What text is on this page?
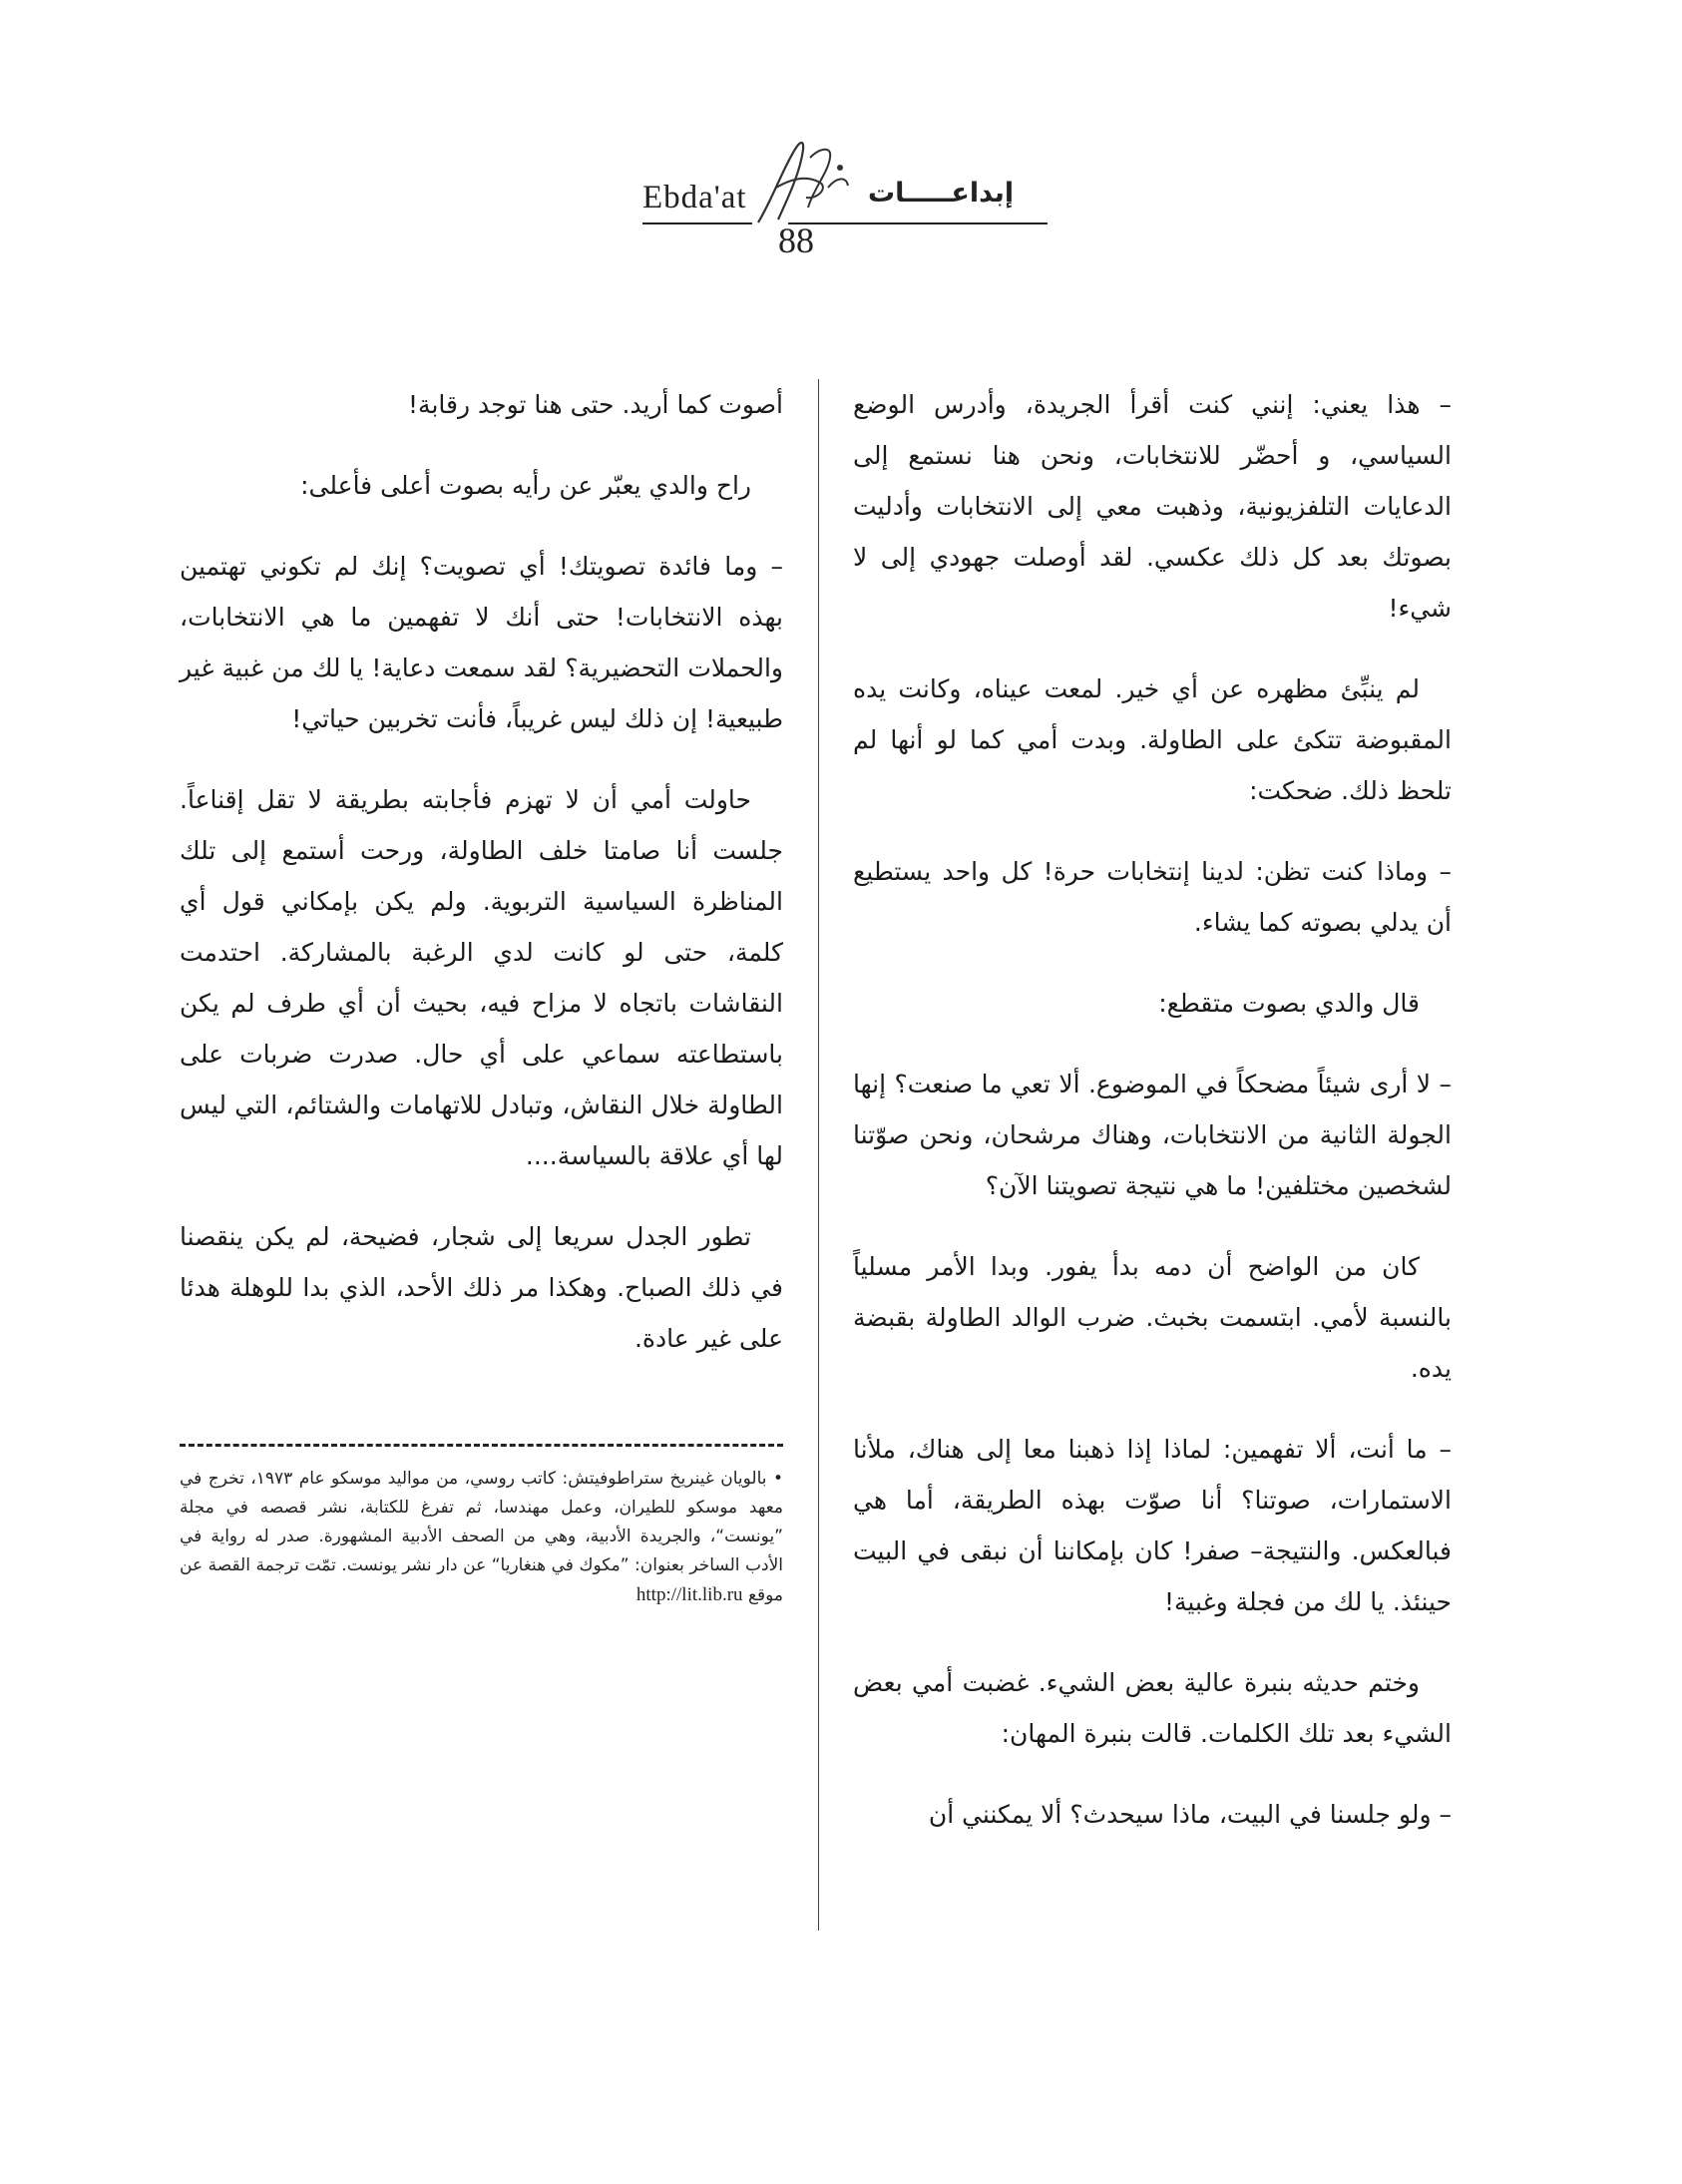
Ebda'at	إبداعـــــات
88

– هذا يعني: إنني كنت أقرأ الجريدة، وأدرس الوضع السياسي، و أحضّر للانتخابات، ونحن هنا نستمع إلى الدعايات التلفزيونية، وذهبت معي إلى الانتخابات وأدليت بصوتك بعد كل ذلك عكسي. لقد أوصلت جهودي إلى لا شيء!

لم ينبِّئ مظهره عن أي خير. لمعت عيناه، وكانت يده المقبوضة تتكئ على الطاولة. وبدت أمي كما لو أنها لم تلحظ ذلك. ضحكت:

– وماذا كنت تظن: لدينا إنتخابات حرة! كل واحد يستطيع أن يدلي بصوته كما يشاء.

قال والدي بصوت متقطع:

– لا أرى شيئاً مضحكاً في الموضوع. ألا تعي ما صنعت؟ إنها الجولة الثانية من الانتخابات، وهناك مرشحان، ونحن صوّتنا لشخصين مختلفين! ما هي نتيجة تصويتنا الآن؟

كان من الواضح أن دمه بدأ يفور. وبدا الأمر مسلياً بالنسبة لأمي. ابتسمت بخبث. ضرب الوالد الطاولة بقبضة يده.

– ما أنت، ألا تفهمين: لماذا إذا ذهبنا معا إلى هناك، ملأنا الاستمارات، صوتنا؟ أنا صوّت بهذه الطريقة، أما هي فبالعكس. والنتيجة– صفر! كان بإمكاننا أن نبقى في البيت حينئذ. يا لك من فجلة وغبية!

وختم حديثه بنبرة عالية بعض الشيء. غضبت أمي بعض الشيء بعد تلك الكلمات. قالت بنبرة المهان:

– ولو جلسنا في البيت، ماذا سيحدث؟ ألا يمكنني أن

أصوت كما أريد. حتى هنا توجد رقابة!

راح والدي يعبّر عن رأيه بصوت أعلى فأعلى:

– وما فائدة تصويتك! أي تصويت؟ إنك لم تكوني تهتمين بهذه الانتخابات! حتى أنك لا تفهمين ما هي الانتخابات، والحملات التحضيرية؟ لقد سمعت دعاية! يا لك من غبية غير طبيعية! إن ذلك ليس غريباً، فأنت تخربين حياتي!

حاولت أمي أن لا تهزم فأجابته بطريقة لا تقل إقناعاً. جلست أنا صامتا خلف الطاولة، ورحت أستمع إلى تلك المناظرة السياسية التربوية. ولم يكن بإمكاني قول أي كلمة، حتى لو كانت لدي الرغبة بالمشاركة. احتدمت النقاشات باتجاه لا مزاح فيه، بحيث أن أي طرف لم يكن باستطاعته سماعي على أي حال. صدرت ضربات على الطاولة خلال النقاش، وتبادل للاتهامات والشتائم، التي ليس لها أي علاقة بالسياسة....

تطور الجدل سريعا إلى شجار، فضيحة، لم يكن ينقصنا في ذلك الصباح. وهكذا مر ذلك الأحد، الذي بدا للوهلة هدئا على غير عادة.

• بالويان غينريخ ستراطوفيتش: كاتب روسي، من مواليد موسكو عام ١٩٧٣، تخرج في معهد موسكو للطيران، وعمل مهندسا، ثم تفرغ للكتابة، نشر قصصه في مجلة ”يونست“، والجريدة الأدبية، وهي من الصحف الأدبية المشهورة. صدر له رواية في الأدب الساخر بعنوان: ”مكوك في هنغاريا“ عن دار نشر يونست. تمّت ترجمة القصة عن موقع http://lit.lib.ru
